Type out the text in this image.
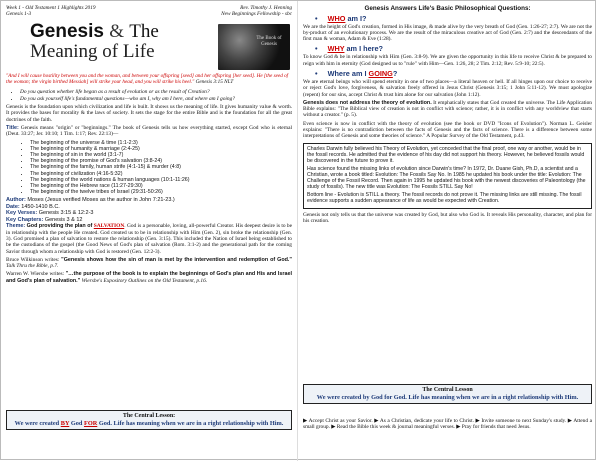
Week 1 - Old Testament 1 Highlights 2019
Genesis 1-3
Rev. Timothy J. Henning
New Beginnings Fellowship - sbc
Genesis & The
Meaning of Life
The Book of Genesis
"And I will cause hostility between you and the woman, and between your offspring [seed] and her offspring [her seed]. He [the seed of the woman; the virgin birthed Messiah] will strike your head, and you will strike his heel." Genesis 3:15 NLT
• Do you question whether life began as a result of evolution or as the result of Creation?
• Do you ask yourself life's fundamental questions—who am I, why am I here, and where am I going?

Genesis is the foundation upon which civilization and life is built. It shows us the meaning of life. It gives humanity value & worth. It provides the bases for morality & the laws of society. It sets the stage for the entire Bible and is the foundation for all the great doctrines of the faith.

Title: Genesis means "origin" or "beginnings." The book of Genesis tells us how everything started, except God who is eternal (Deut. 33:27; Jer. 10:10; 1 Tim. 1:17; Rev. 22:13)—

• The beginning of the universe & time (1:1-2:3)
• The beginning of humanity & marriage (2:4-25)
• The beginning of sin in the world (3:1-7)
• The beginning of the promise of God's salvation (3:8-24)
• The beginning of the family, human strife (4:1-15) & murder (4:8)
• The beginning of civilization (4:16-5:32)
• The beginning of the world nations & human languages (10:1-11:26)
• The beginning of the Hebrew race (11:27-29:30)
• The beginning of the twelve tribes of Israel (29:31-50:26)
Author: Moses (Jesus verified Moses as the author in John 7:21-23.)
Date: 1450-1410 B.C.
Key Verses: Genesis 3:15 & 12:2-3
Key Chapters: Genesis 3 & 12

Theme: God providing the plan of SALVATION. God is a personable, loving, all-powerful Creator. His deepest desire is to be in relationship with the people He created. God created us to be in relationship with Him (Gen. 2), sin broke the relationship (Gen. 3). God promised a plan of salvation to restore the relationship (Gen. 3:15). This included the Nation of Israel being established to be the custodians of the gospel (the Good News of God's plan of salvation (Rom. 3:1-2) and the generational path for the coming Savior through whom a relationship with God is restored (Gen. 12:2-3).

Bruce Wilkinson writes: "Genesis shows how the sin of man is met by the intervention and redemption of God." Talk Thru the Bible, p.7.

Warren W. Wiersbe writes: "…the purpose of the book is to explain the beginnings of God's plan and His and Israel and God's plan of salvation." Wiersbe's Expository Outlines on the Old Testament, p.16.

The Central Lesson:
We were created BY God FOR God. Life has meaning when we are in a right relationship with Him.
Genesis Answers Life's Basic Philosophical Questions:
• WHO am I?

We are the height of God's creation, formed in His image, & made alive by the very breath of God (Gen. 1:26-27; 2:7). We are not the by-product of an evolutionary process. We are the result of the miraculous creative act of God (Gen. 2:7) and the descendants of the first man & woman, Adam & Eve (1:28).

• WHY am I here?

To know God & be in relationship with Him (Gen. 3:8-9). We are given the opportunity in this life to receive Christ & be prepared to reign with him in eternity (God designed us to "rule" with Him—Gen. 1:26, 28; 2 Tim. 2:12; Rev. 5:9-10; 22:5).

• Where am I GOING?

We are eternal beings who will spend eternity in one of two places—a literal heaven or hell. If all hinges upon our choice to receive or reject God's love, forgiveness, & salvation freely offered in Jesus Christ (Genesis 3:15; 1 John 5:11-12). We must apologize (repent) for our sins, accept Christ & trust him alone for our salvation (John 1:12).

Genesis does not address the theory of evolution. It emphatically states that God created the universe. The Life Application Bible explains: "The Biblical view of creation is not in conflict with science; rather, it is in conflict with any worldview that starts without a creator." (p. 5).

Even science is now in conflict with the theory of evolution (see the book or DVD "Icons of Evolution"). Norman L. Geisler explains: "There is no contradiction between the facts of Genesis and the facts of science. There is a difference between some interpretations of Genesis and some theories of science." A Popular Survey of the Old Testament, p.43.

Charles Darwin fully believed his Theory of Evolution, yet conceded that the final proof, one way or another, would be in the fossil records. He admitted that the evidence of his day did not support his theory. However, he believed fossils would be discovered in the future to prove it.

Has science found the missing links of evolution since Darwin's time? In 1972, Dr. Duane Gish, Ph.D, a scientist and a Christian, wrote a book titled: Evolution: The Fossils Say No. In 1985 he updated his book under the title: Evolution: The Challenge of the Fossil Record. Then again in 1995 he updated his book with the newest discoveries of Paleontology (the study of fossils). The new title was Evolution: The Fossils STILL Say No!

Bottom line - Evolution is STILL a theory. The fossil records do not prove it. The missing links are still missing. The fossil evidence supports a sudden appearance of life as would be expected with Creation.

Genesis not only tells us that the universe was created by God, but also who God is. It reveals His personality, character, and plan for his creation.

The Central Lesson
We were created by God for God. Life has meaning when we are in a right relationship with Him.
▶ Accept Christ as your Savior. ▶ As a Christian, dedicate your life to Christ. ▶ Invite someone to next Sunday's study. ▶ Attend a small group. ▶ Read the Bible this week & journal meaningful verses. ▶ Pray for friends that need Jesus.
